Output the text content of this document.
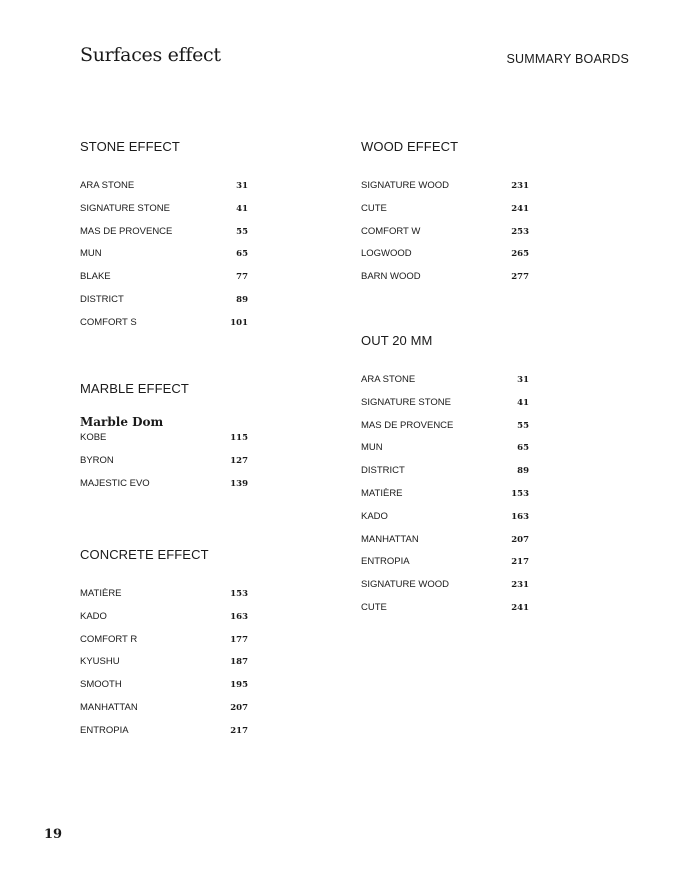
Surfaces effect	SUMMARY BOARDS
STONE EFFECT
ARA STONE	31
SIGNATURE STONE	41
MAS DE PROVENCE	55
MUN	65
BLAKE	77
DISTRICT	89
COMFORT S	101
MARBLE EFFECT
Marble Dom
KOBE	115
BYRON	127
MAJESTIC EVO	139
CONCRETE EFFECT
MATIÈRE	153
KADO	163
COMFORT R	177
KYUSHU	187
SMOOTH	195
MANHATTAN	207
ENTROPIA	217
WOOD EFFECT
SIGNATURE WOOD	231
CUTE	241
COMFORT W	253
LOGWOOD	265
BARN WOOD	277
OUT 20 MM
ARA STONE	31
SIGNATURE STONE	41
MAS DE PROVENCE	55
MUN	65
DISTRICT	89
MATIÈRE	153
KADO	163
MANHATTAN	207
ENTROPIA	217
SIGNATURE WOOD	231
CUTE	241
19
